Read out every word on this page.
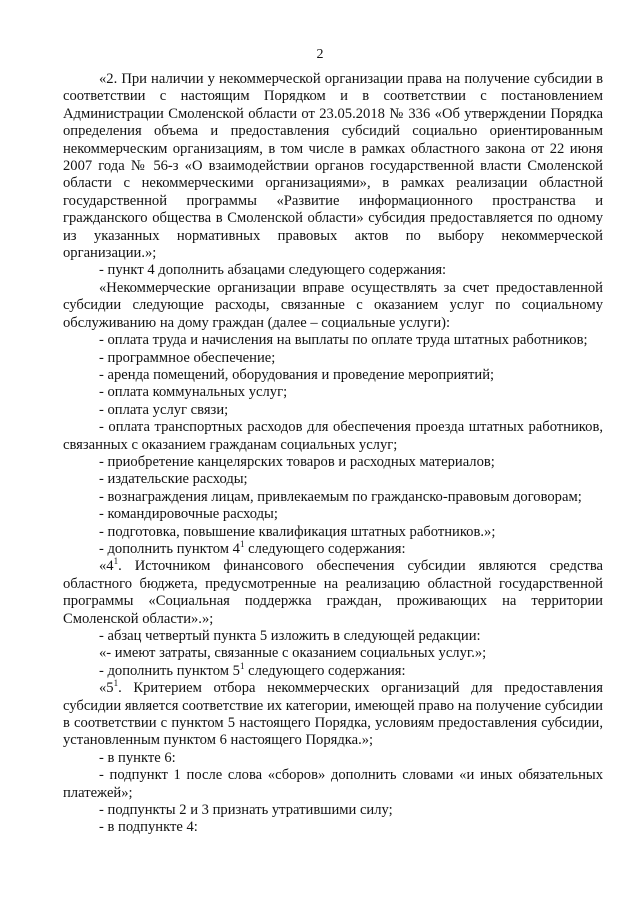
2

«2. При наличии у некоммерческой организации права на получение субсидии в соответствии с настоящим Порядком и в соответствии с постановлением Администрации Смоленской области от 23.05.2018 № 336 «Об утверждении Порядка определения объема и предоставления субсидий социально ориентированным некоммерческим организациям, в том числе в рамках областного закона от 22 июня 2007 года № 56-з «О взаимодействии органов государственной власти Смоленской области с некоммерческими организациями», в рамках реализации областной государственной программы «Развитие информационного пространства и гражданского общества в Смоленской области» субсидия предоставляется по одному из указанных нормативных правовых актов по выбору некоммерческой организации.»;

- пункт 4 дополнить абзацами следующего содержания:

«Некоммерческие организации вправе осуществлять за счет предоставленной субсидии следующие расходы, связанные с оказанием услуг по социальному обслуживанию на дому граждан (далее – социальные услуги):

- оплата труда и начисления на выплаты по оплате труда штатных работников;

- программное обеспечение;

- аренда помещений, оборудования и проведение мероприятий;

- оплата коммунальных услуг;

- оплата услуг связи;

- оплата транспортных расходов для обеспечения проезда штатных работников, связанных с оказанием гражданам социальных услуг;

- приобретение канцелярских товаров и расходных материалов;

- издательские расходы;

- вознаграждения лицам, привлекаемым по гражданско-правовым договорам;

- командировочные расходы;

- подготовка, повышение квалификация штатных работников.»;

- дополнить пунктом $4^1$ следующего содержания:

«$4^1$. Источником финансового обеспечения субсидии являются средства областного бюджета, предусмотренные на реализацию областной государственной программы «Социальная поддержка граждан, проживающих на территории Смоленской области».»;

- абзац четвертый пункта 5 изложить в следующей редакции:

«- имеют затраты, связанные с оказанием социальных услуг.»;

- дополнить пунктом $5^1$ следующего содержания:

«$5^1$. Критерием отбора некоммерческих организаций для предоставления субсидии является соответствие их категории, имеющей право на получение субсидии в соответствии с пунктом 5 настоящего Порядка, условиям предоставления субсидии, установленным пунктом 6 настоящего Порядка.»;

- в пункте 6:

- подпункт 1 после слова «сборов» дополнить словами «и иных обязательных платежей»;

- подпункты 2 и 3 признать утратившими силу;

- в подпункте 4:
